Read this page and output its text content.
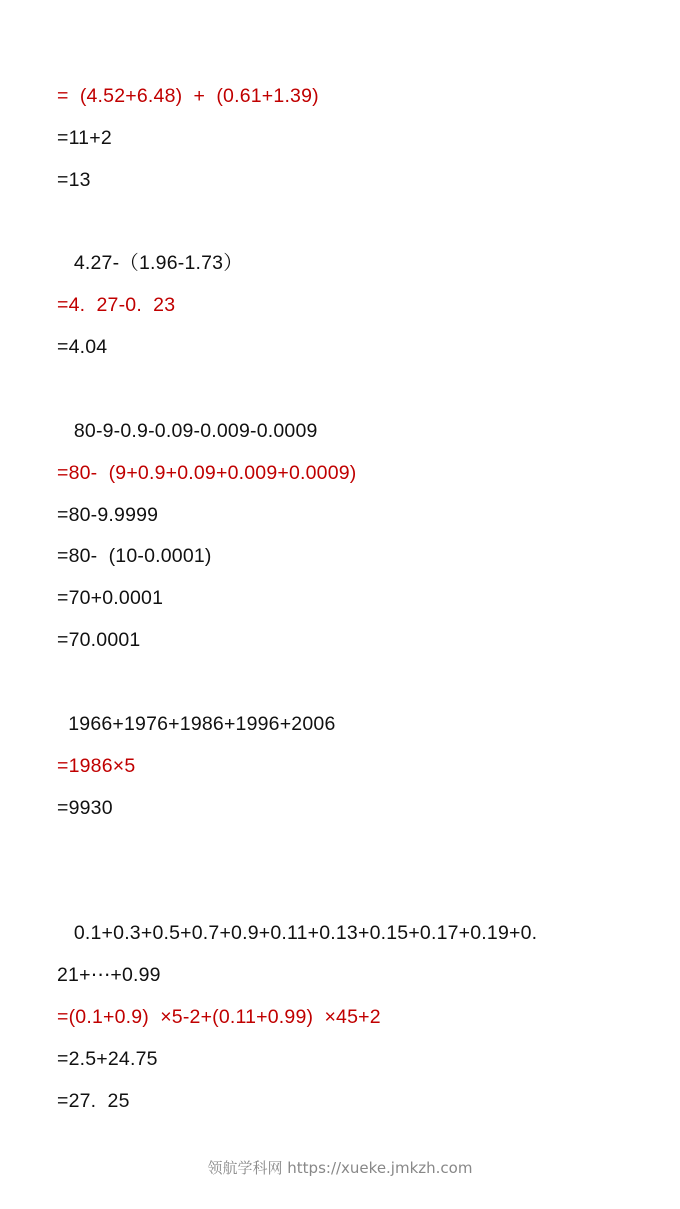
=  (4.52+6.48)  +  (0.61+1.39)
=11+2
=13
4.27-（1.96-1.73）
=4.  27-0.  23
=4.04
80-9-0.9-0.09-0.009-0.0009
=80-  (9+0.9+0.09+0.009+0.0009)
=80-9.9999
=80-  (10-0.0001)
=70+0.0001
=70.0001
1966+1976+1986+1996+2006
=1986×5
=9930
0.1+0.3+0.5+0.7+0.9+0.11+0.13+0.15+0.17+0.19+0.
21+⋯+0.99
=(0.1+0.9)  ×5-2+(0.11+0.99)  ×45+2
=2.5+24.75
=27.  25
领航学科网 https://xueke.jmkzh.com
